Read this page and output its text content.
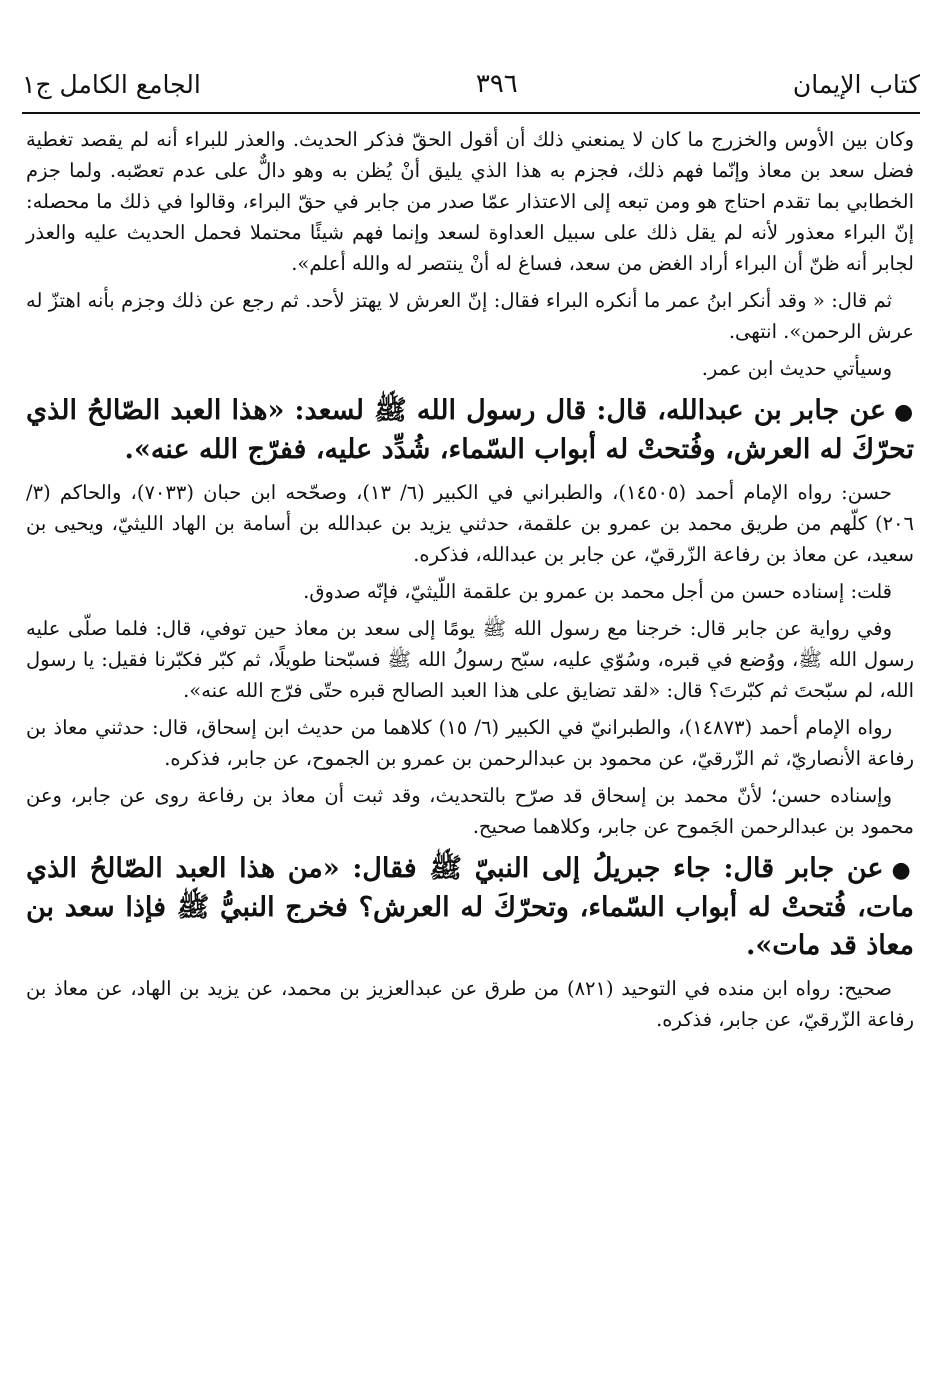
كتاب الإيمان
٣٩٦
الجامع الكامل ج١

وكان بين الأوس والخزرج ما كان لا يمنعني ذلك أن أقول الحقّ فذكر الحديث. والعذر للبراء أنه لم يقصد تغطية فضل سعد بن معاذ وإنّما فهم ذلك، فجزم به هذا الذي يليق أنْ يُظن به وهو دالٌّ على عدم تعصّبه. ولما جزم الخطابي بما تقدم احتاج هو ومن تبعه إلى الاعتذار عمّا صدر من جابر في حقّ البراء، وقالوا في ذلك ما محصله: إنّ البراء معذور لأنه لم يقل ذلك على سبيل العداوة لسعد وإنما فهم شيئًا محتملا فحمل الحديث عليه والعذر لجابر أنه ظنّ أن البراء أراد الغض من سعد، فساغ له أنْ ينتصر له والله أعلم».

ثم قال: « وقد أنكر ابنُ عمر ما أنكره البراء فقال: إنّ العرش لا يهتز لأحد. ثم رجع عن ذلك وجزم بأنه اهتزّ له عرش الرحمن». انتهى.

وسيأتي حديث ابن عمر.

●عن جابر بن عبدالله، قال: قال رسول الله ﷺ لسعد: «هذا العبد الصّالحُ الذي تحرّكَ له العرش، وفُتحتْ له أبواب السّماء، شُدِّد عليه، ففرّج الله عنه».

حسن: رواه الإمام أحمد (١٤٥٠٥)، والطبراني في الكبير (٦/ ١٣)، وصحّحه ابن حبان (٧٠٣٣)، والحاكم (٣/ ٢٠٦) كلّهم من طريق محمد بن عمرو بن علقمة، حدثني يزيد بن عبدالله بن أسامة بن الهاد الليثيّ، ويحيى بن سعيد، عن معاذ بن رفاعة الزّرقيّ، عن جابر بن عبدالله، فذكره.

قلت: إسناده حسن من أجل محمد بن عمرو بن علقمة اللّيثيّ، فإنّه صدوق.

وفي رواية عن جابر قال: خرجنا مع رسول الله ﷺ يومًا إلى سعد بن معاذ حين توفي، قال: فلما صلّى عليه رسول الله ﷺ، ووُضع في قبره، وسُوّي عليه، سبّح رسولُ الله ﷺ فسبّحنا طويلًا، ثم كبّر فكبّرنا فقيل: يا رسول الله، لم سبّحتَ ثم كبّرتَ؟ قال: «لقد تضايق على هذا العبد الصالح قبره حتّى فرّج الله عنه».

رواه الإمام أحمد (١٤٨٧٣)، والطبرانيّ في الكبير (٦/ ١٥) كلاهما من حديث ابن إسحاق، قال: حدثني معاذ بن رفاعة الأنصاريّ، ثم الزّرقيّ، عن محمود بن عبدالرحمن بن عمرو بن الجموح، عن جابر، فذكره.

وإسناده حسن؛ لأنّ محمد بن إسحاق قد صرّح بالتحديث، وقد ثبت أن معاذ بن رفاعة روى عن جابر، وعن محمود بن عبدالرحمن الجَموح عن جابر، وكلاهما صحيح.

●عن جابر قال: جاء جبريلُ إلى النبيّ ﷺ فقال: «من هذا العبد الصّالحُ الذي مات، فُتحتْ له أبواب السّماء، وتحرّكَ له العرش؟ فخرج النبيُّ ﷺ فإذا سعد بن معاذ قد مات».

صحيح: رواه ابن منده في التوحيد (٨٢١) من طرق عن عبدالعزيز بن محمد، عن يزيد بن الهاد، عن معاذ بن رفاعة الزّرقيّ، عن جابر، فذكره.
